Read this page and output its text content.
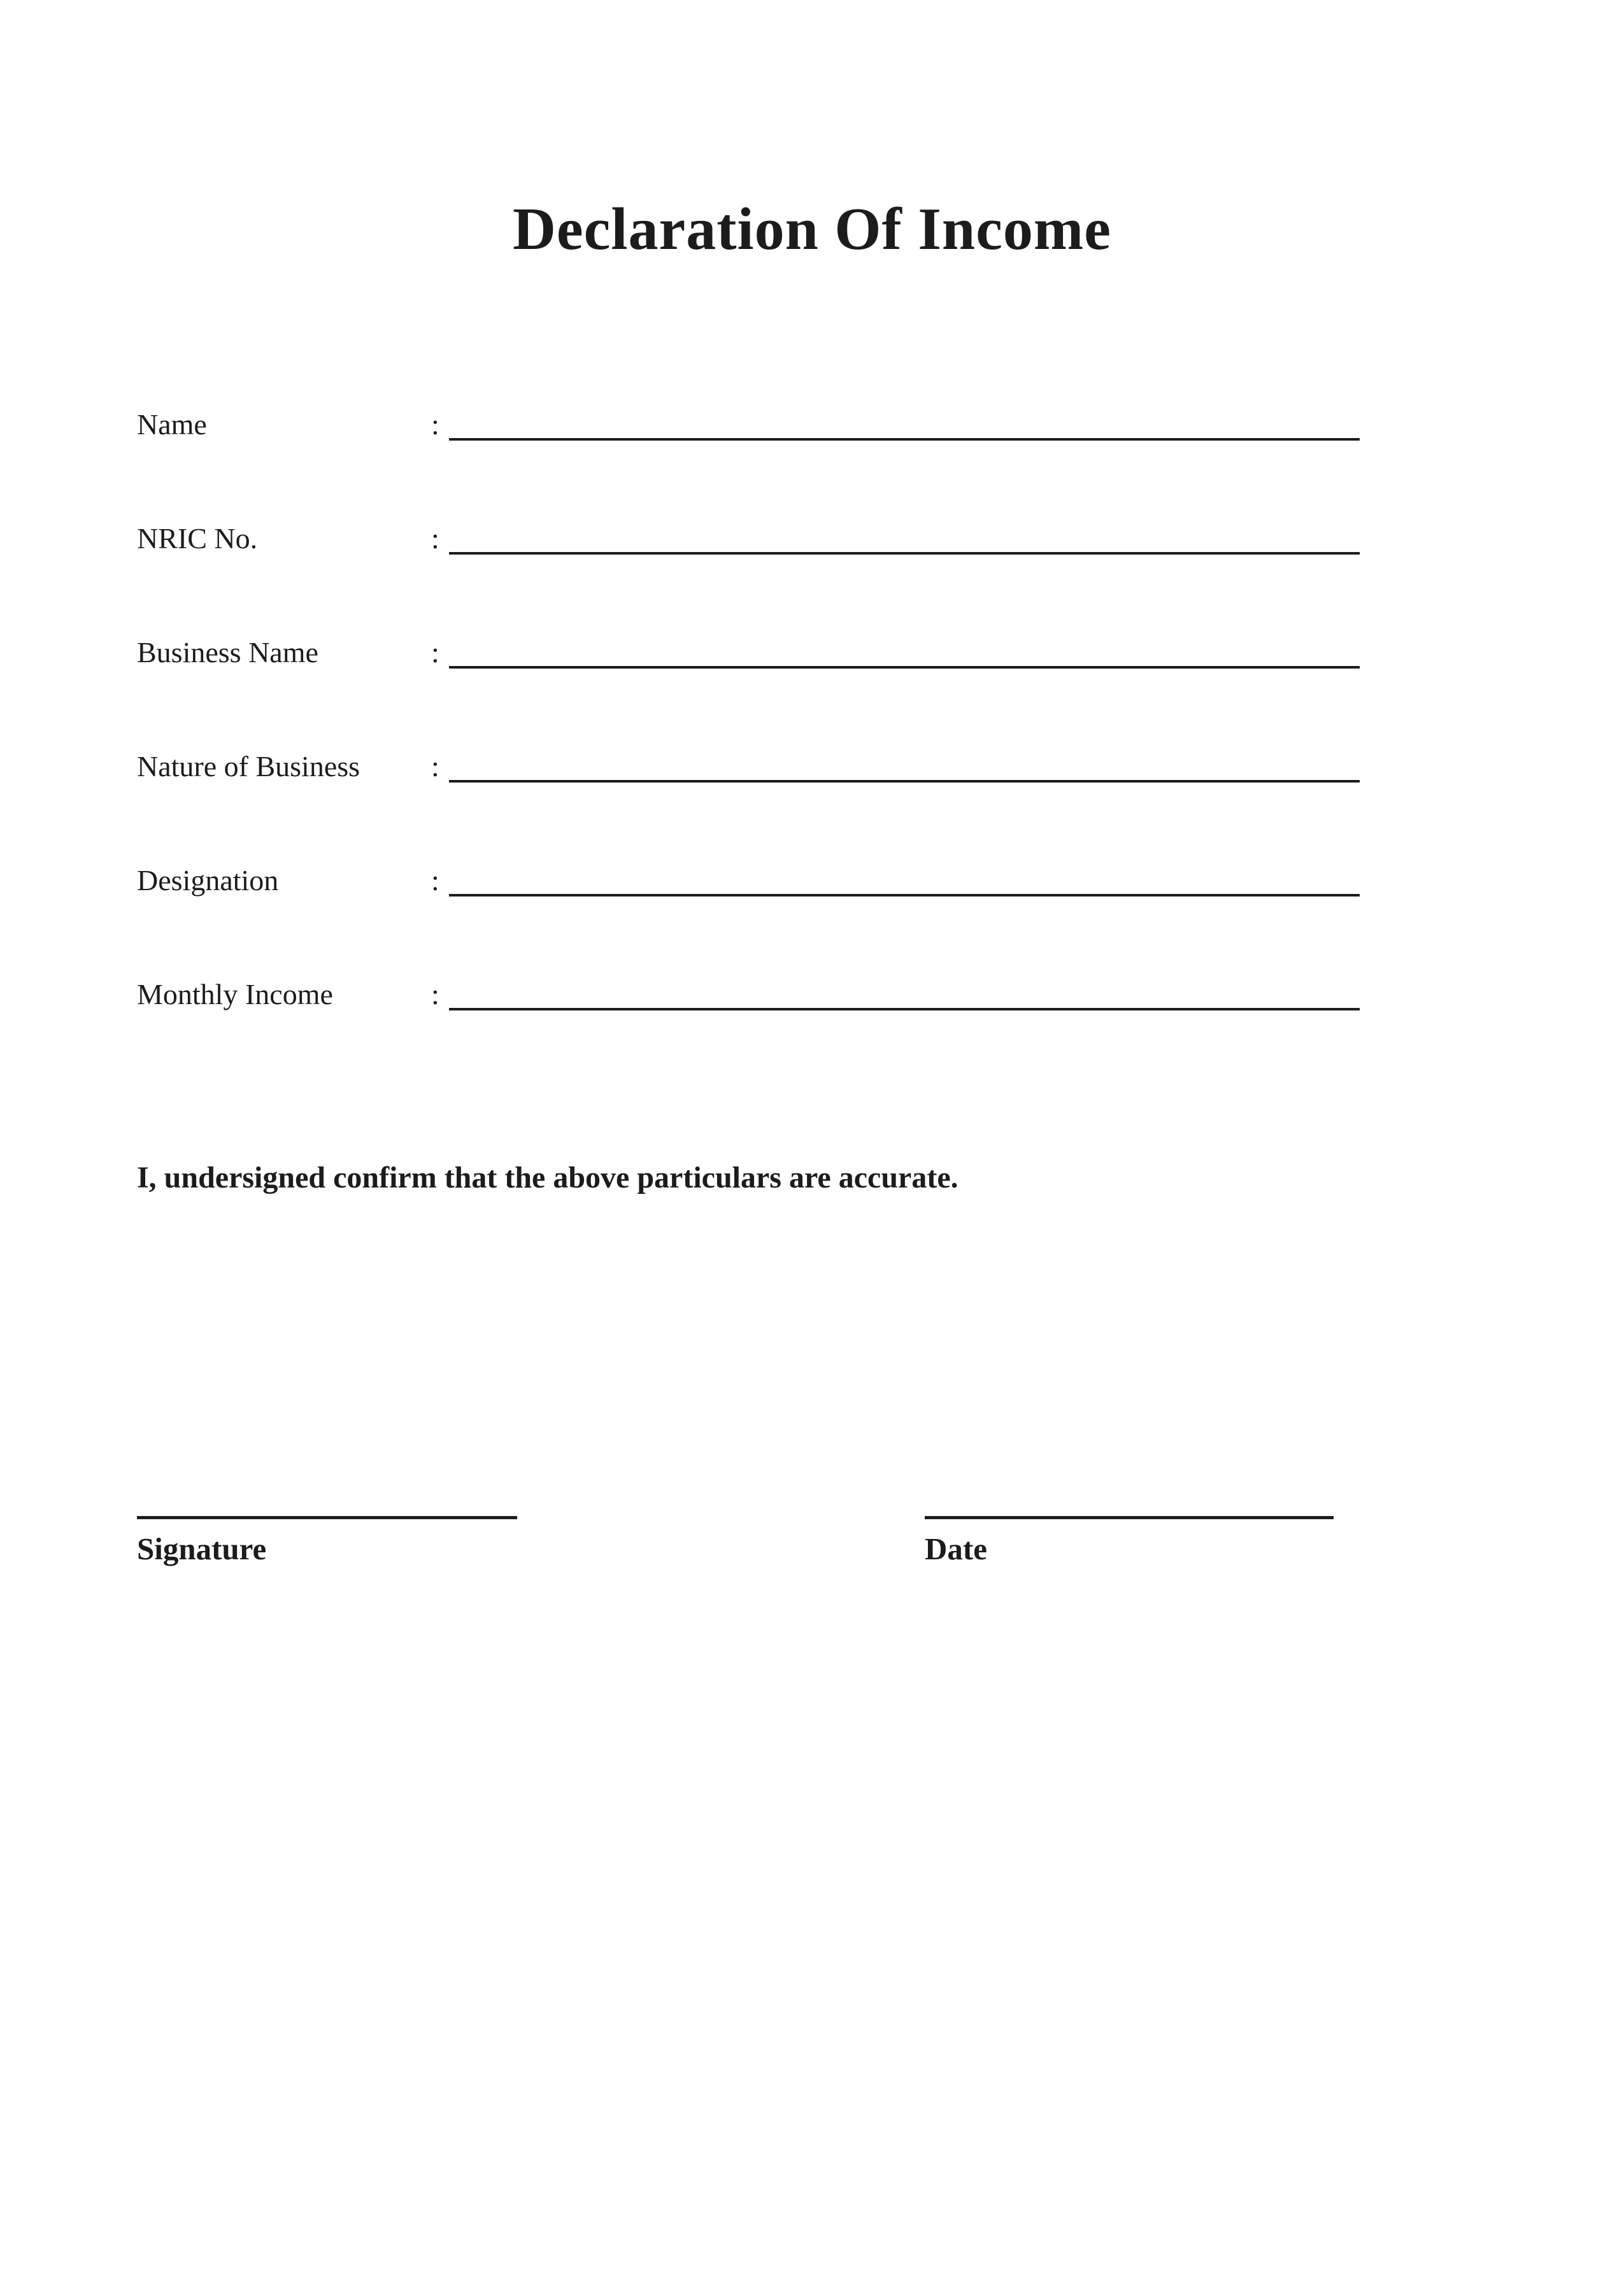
Declaration Of Income
Name	:
NRIC No.	:
Business Name	:
Nature of Business :
Designation	:
Monthly Income	:
I, undersigned confirm that the above particulars are accurate.
Signature	Date
